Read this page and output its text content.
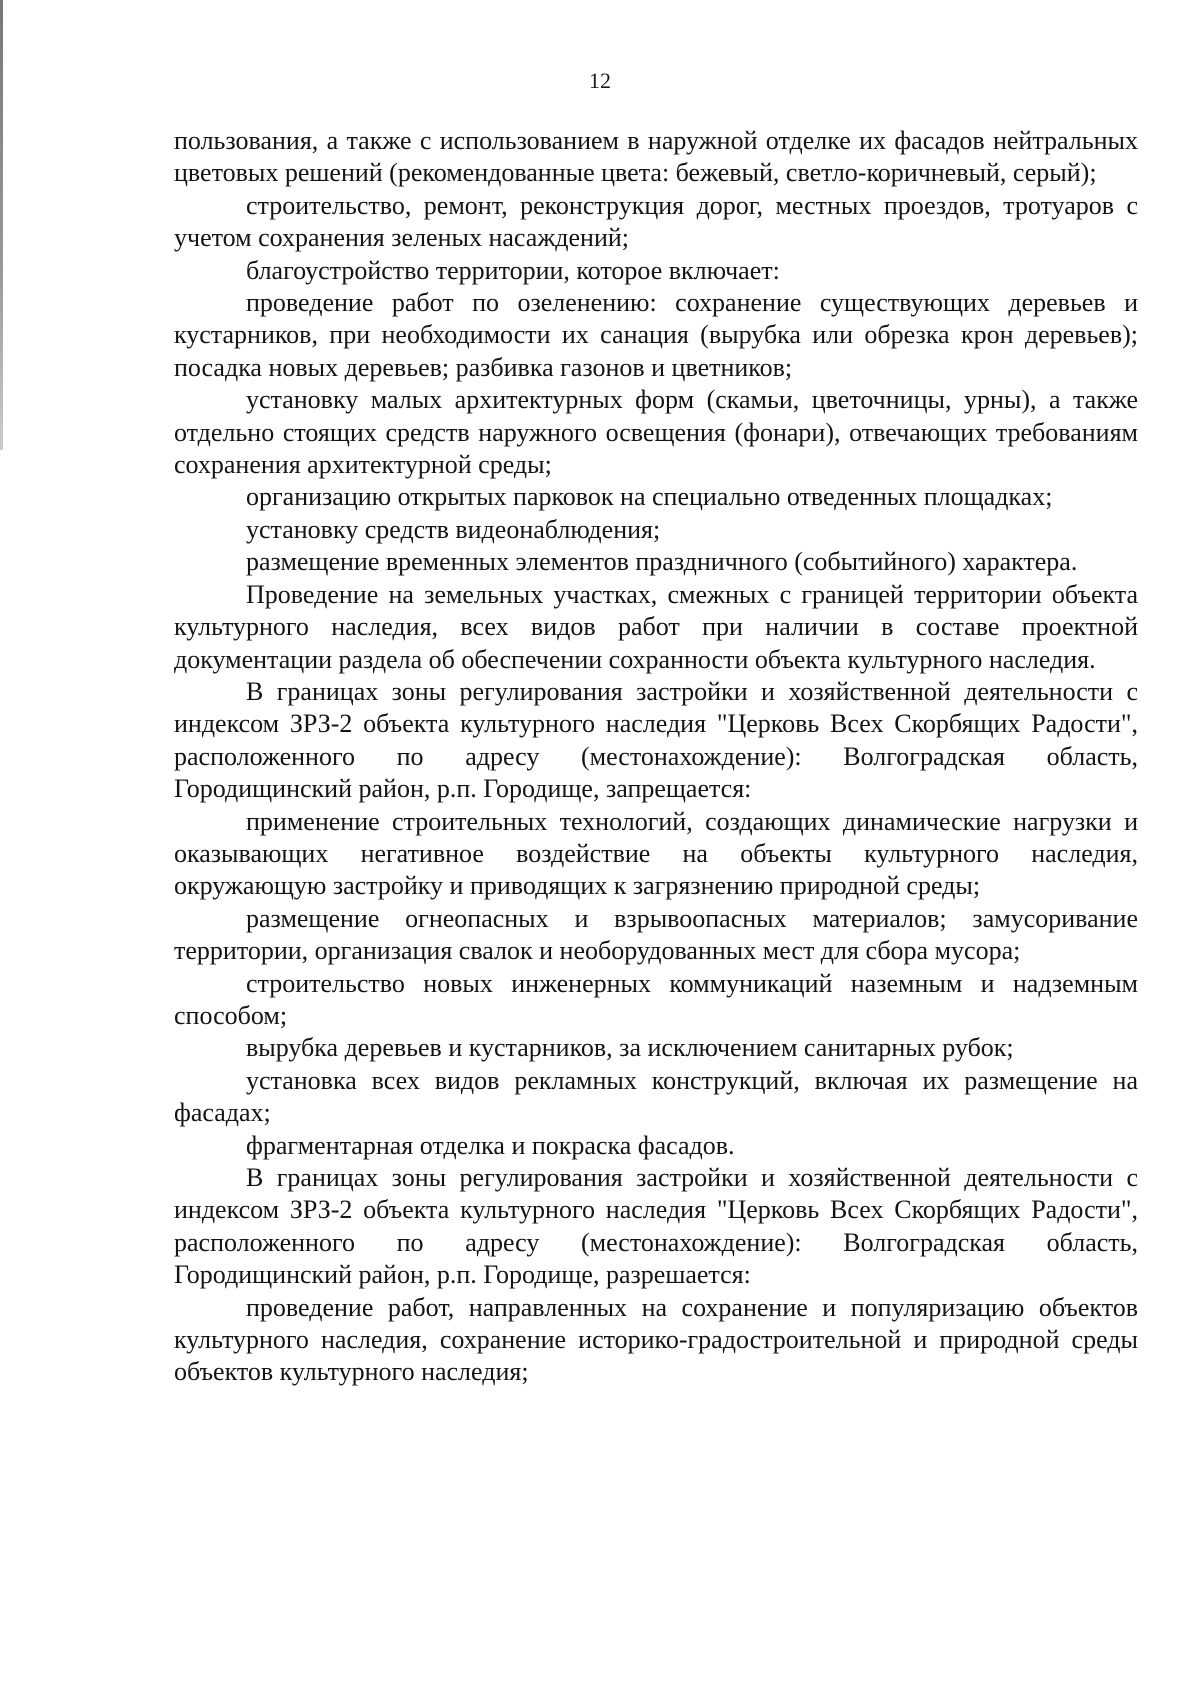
12

пользования, а также с использованием в наружной отделке их фасадов нейтральных цветовых решений (рекомендованные цвета: бежевый, светло-коричневый, серый);

строительство, ремонт, реконструкция дорог, местных проездов, тротуаров с учетом сохранения зеленых насаждений;

благоустройство территории, которое включает:

проведение работ по озеленению: сохранение существующих деревьев и кустарников, при необходимости их санация (вырубка или обрезка крон деревьев); посадка новых деревьев; разбивка газонов и цветников;

установку малых архитектурных форм (скамьи, цветочницы, урны), а также отдельно стоящих средств наружного освещения (фонари), отвечающих требованиям сохранения архитектурной среды;

организацию открытых парковок на специально отведенных площадках;

установку средств видеонаблюдения;

размещение временных элементов праздничного (событийного) характера.

Проведение на земельных участках, смежных с границей территории объекта культурного наследия, всех видов работ при наличии в составе проектной документации раздела об обеспечении сохранности объекта культурного наследия.

В границах зоны регулирования застройки и хозяйственной деятельности с индексом ЗРЗ-2 объекта культурного наследия "Церковь Всех Скорбящих Радости", расположенного по адресу (местонахождение): Волгоградская область, Городищинский район, р.п. Городище, запрещается:

применение строительных технологий, создающих динамические нагрузки и оказывающих негативное воздействие на объекты культурного наследия, окружающую застройку и приводящих к загрязнению природной среды;

размещение огнеопасных и взрывоопасных материалов; замусоривание территории, организация свалок и необорудованных мест для сбора мусора;

строительство новых инженерных коммуникаций наземным и надземным способом;

вырубка деревьев и кустарников, за исключением санитарных рубок;

установка всех видов рекламных конструкций, включая их размещение на фасадах;

фрагментарная отделка и покраска фасадов.

В границах зоны регулирования застройки и хозяйственной деятельности с индексом ЗРЗ-2 объекта культурного наследия "Церковь Всех Скорбящих Радости", расположенного по адресу (местонахождение): Волгоградская область, Городищинский район, р.п. Городище, разрешается:

проведение работ, направленных на сохранение и популяризацию объектов культурного наследия, сохранение историко-градостроительной и природной среды объектов культурного наследия;
